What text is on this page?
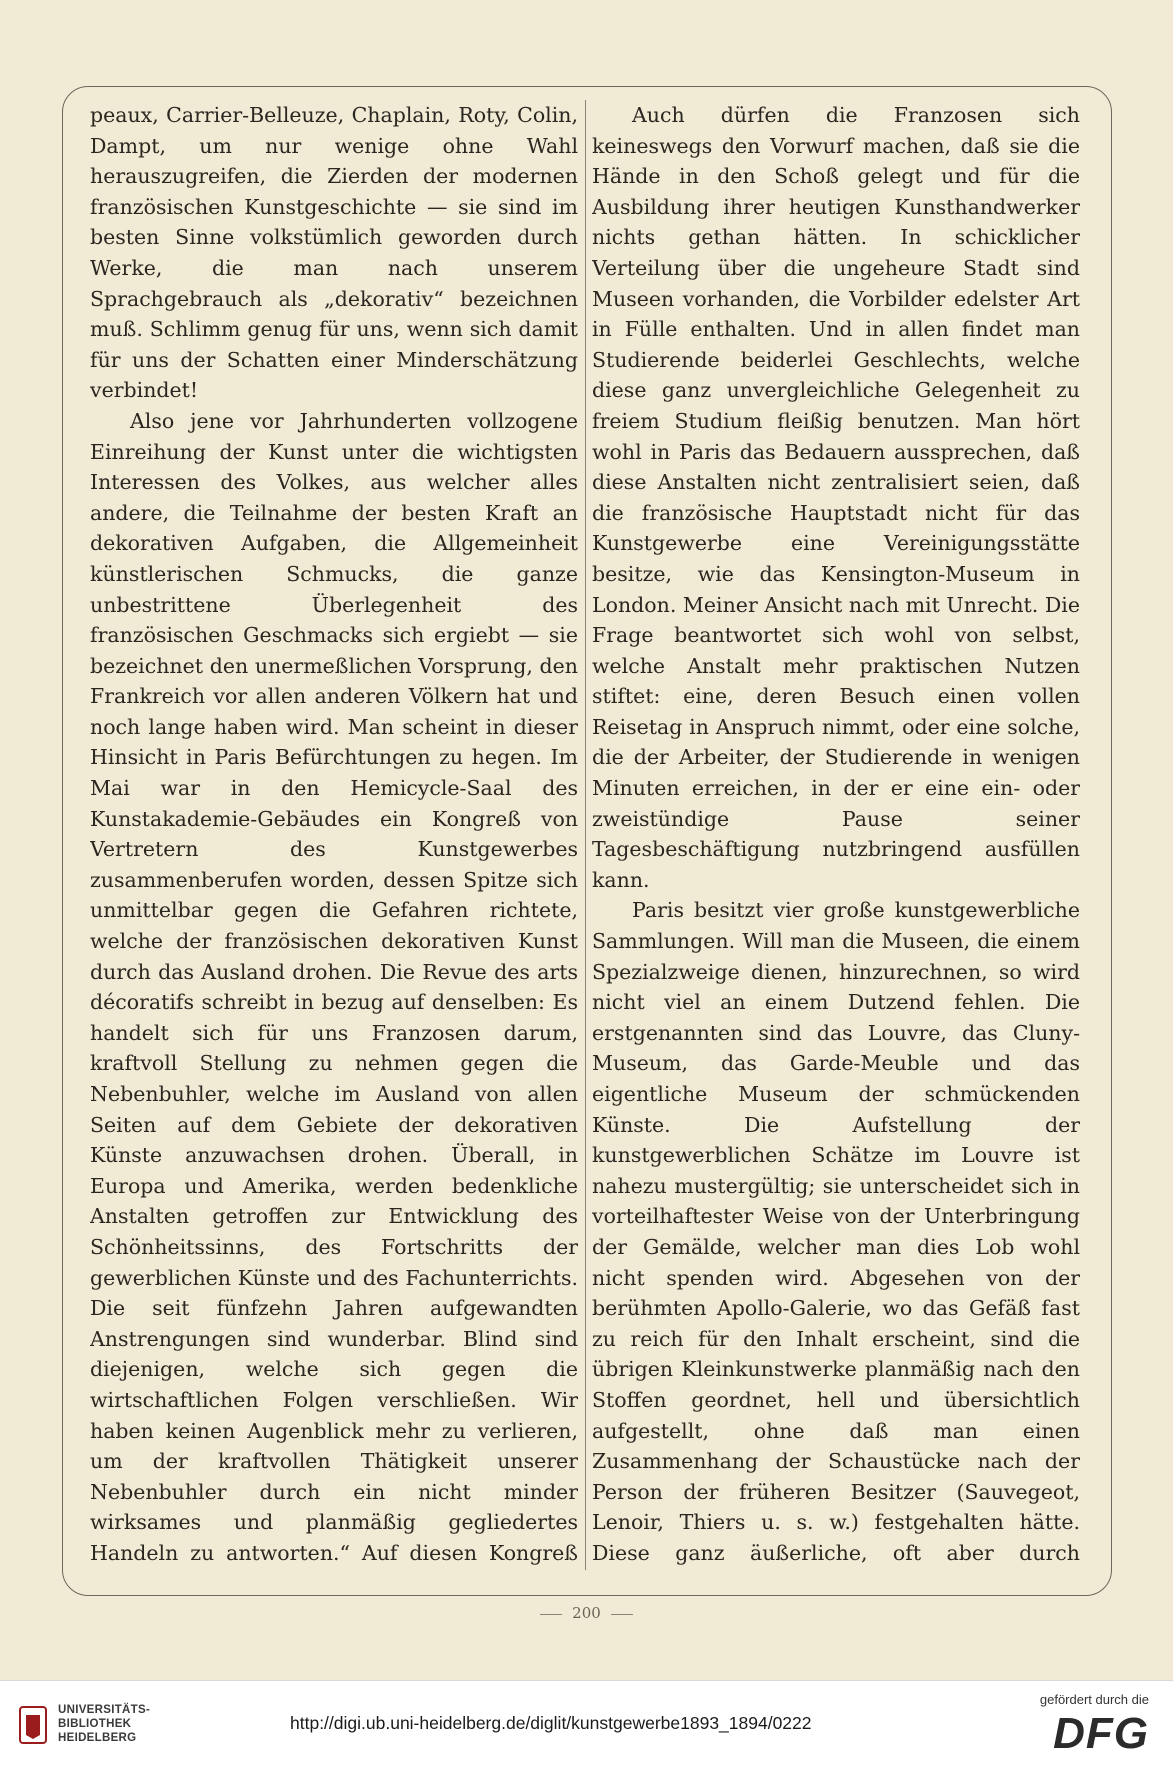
peaux, Carrier-Belleuze, Chaplain, Roty, Colin, Dampt, um nur wenige ohne Wahl herauszugreifen, die Zierden der modernen französischen Kunstgeschichte — sie sind im besten Sinne volkstümlich geworden durch Werke, die man nach unserem Sprachgebrauch als „dekorativ“ bezeichnen muß. Schlimm genug für uns, wenn sich damit für uns der Schatten einer Minderschätzung verbindet!

Also jene vor Jahrhunderten vollzogene Einreihung der Kunst unter die wichtigsten Interessen des Volkes, aus welcher alles andere, die Teilnahme der besten Kraft an dekorativen Aufgaben, die Allgemeinheit künstlerischen Schmucks, die ganze unbestrittene Überlegenheit des französischen Geschmacks sich ergiebt — sie bezeichnet den unermeßlichen Vorsprung, den Frankreich vor allen anderen Völkern hat und noch lange haben wird. Man scheint in dieser Hinsicht in Paris Befürchtungen zu hegen. Im Mai war in den Hemicycle-Saal des Kunstakademie-Gebäudes ein Kongreß von Vertretern des Kunstgewerbes zusammenberufen worden, dessen Spitze sich unmittelbar gegen die Gefahren richtete, welche der französischen dekorativen Kunst durch das Ausland drohen. Die Revue des arts décoratifs schreibt in bezug auf denselben: Es handelt sich für uns Franzosen darum, kraftvoll Stellung zu nehmen gegen die Nebenbuhler, welche im Ausland von allen Seiten auf dem Gebiete der dekorativen Künste anzuwachsen drohen. Überall, in Europa und Amerika, werden bedenkliche Anstalten getroffen zur Entwicklung des Schönheitssinns, des Fortschritts der gewerblichen Künste und des Fachunterrichts. Die seit fünfzehn Jahren aufgewandten Anstrengungen sind wunderbar. Blind sind diejenigen, welche sich gegen die wirtschaftlichen Folgen verschließen. Wir haben keinen Augenblick mehr zu verlieren, um der kraftvollen Thätigkeit unserer Nebenbuhler durch ein nicht minder wirksames und planmäßig gegliedertes Handeln zu antworten.“ Auf diesen Kongreß

Auch dürfen die Franzosen sich keineswegs den Vorwurf machen, daß sie die Hände in den Schoß gelegt und für die Ausbildung ihrer heutigen Kunsthandwerker nichts gethan hätten. In schicklicher Verteilung über die ungeheure Stadt sind Museen vorhanden, die Vorbilder edelster Art in Fülle enthalten. Und in allen findet man Studierende beiderlei Geschlechts, welche diese ganz unvergleichliche Gelegenheit zu freiem Studium fleißig benutzen. Man hört wohl in Paris das Bedauern aussprechen, daß diese Anstalten nicht zentralisiert seien, daß die französische Hauptstadt nicht für das Kunstgewerbe eine Vereinigungsstätte besitze, wie das Kensington-Museum in London. Meiner Ansicht nach mit Unrecht. Die Frage beantwortet sich wohl von selbst, welche Anstalt mehr praktischen Nutzen stiftet: eine, deren Besuch einen vollen Reisetag in Anspruch nimmt, oder eine solche, die der Arbeiter, der Studierende in wenigen Minuten erreichen, in der er eine ein- oder zweistündige Pause seiner Tagesbeschäftigung nutzbringend ausfüllen kann.

Paris besitzt vier große kunstgewerbliche Sammlungen. Will man die Museen, die einem Spezialzweige dienen, hinzurechnen, so wird nicht viel an einem Dutzend fehlen. Die erstgenannten sind das Louvre, das Cluny-Museum, das Garde-Meuble und das eigentliche Museum der schmückenden Künste. Die Aufstellung der kunstgewerblichen Schätze im Louvre ist nahezu mustergültig; sie unterscheidet sich in vorteilhaftester Weise von der Unterbringung der Gemälde, welcher man dies Lob wohl nicht spenden wird. Abgesehen von der berühmten Apollo-Galerie, wo das Gefäß fast zu reich für den Inhalt erscheint, sind die übrigen Kleinkunstwerke planmäßig nach den Stoffen geordnet, hell und übersichtlich aufgestellt, ohne daß man einen Zusammenhang der Schaustücke nach der Person der früheren Besitzer (Sauvegeot, Lenoir, Thiers u. s. w.) festgehalten hätte. Diese ganz äußerliche, oft aber durch

200
UNIVERSITÄTS-
BIBLIOTHEK
HEIDELBERG
http://digi.ub.uni-heidelberg.de/diglit/kunstgewerbe1893_1894/0222
gefördert durch die
DFG
